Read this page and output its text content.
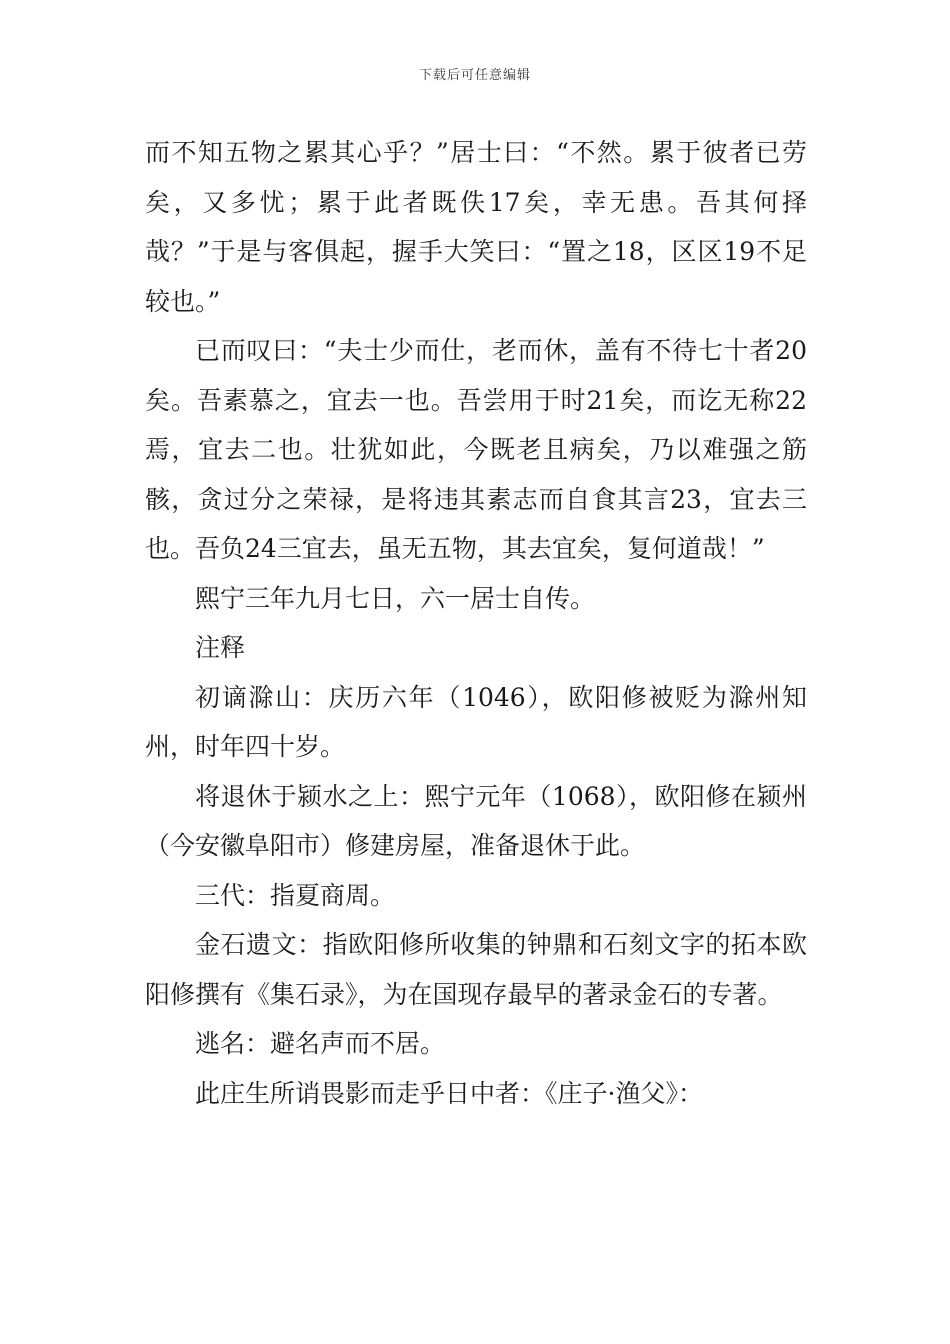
下载后可任意编辑

而不知五物之累其心乎？”居士曰：“不然。累于彼者已劳矣，又多忧；累于此者既佚17矣，幸无患。吾其何择哉？”于是与客俱起，握手大笑曰：“置之18，区区19不足较也。”

已而叹曰：“夫士少而仕，老而休，盖有不待七十者20矣。吾素慕之，宜去一也。吾尝用于时21矣，而讫无称22焉，宜去二也。壮犹如此，今既老且病矣，乃以难强之筋骸，贪过分之荣禄，是将违其素志而自食其言23，宜去三也。吾负24三宜去，虽无五物，其去宜矣，复何道哉！”

熙宁三年九月七日，六一居士自传。

注释

初谪滁山：庆历六年（1046），欧阳修被贬为滁州知州，时年四十岁。

将退休于颍水之上：熙宁元年（1068），欧阳修在颍州（今安徽阜阳市）修建房屋，准备退休于此。

三代：指夏商周。

金石遗文：指欧阳修所收集的钟鼎和石刻文字的拓本欧阳修撰有《集石录》，为在国现存最早的著录金石的专著。

逃名：避名声而不居。

此庄生所诮畏影而走乎日中者：《庄子·渔父》：
